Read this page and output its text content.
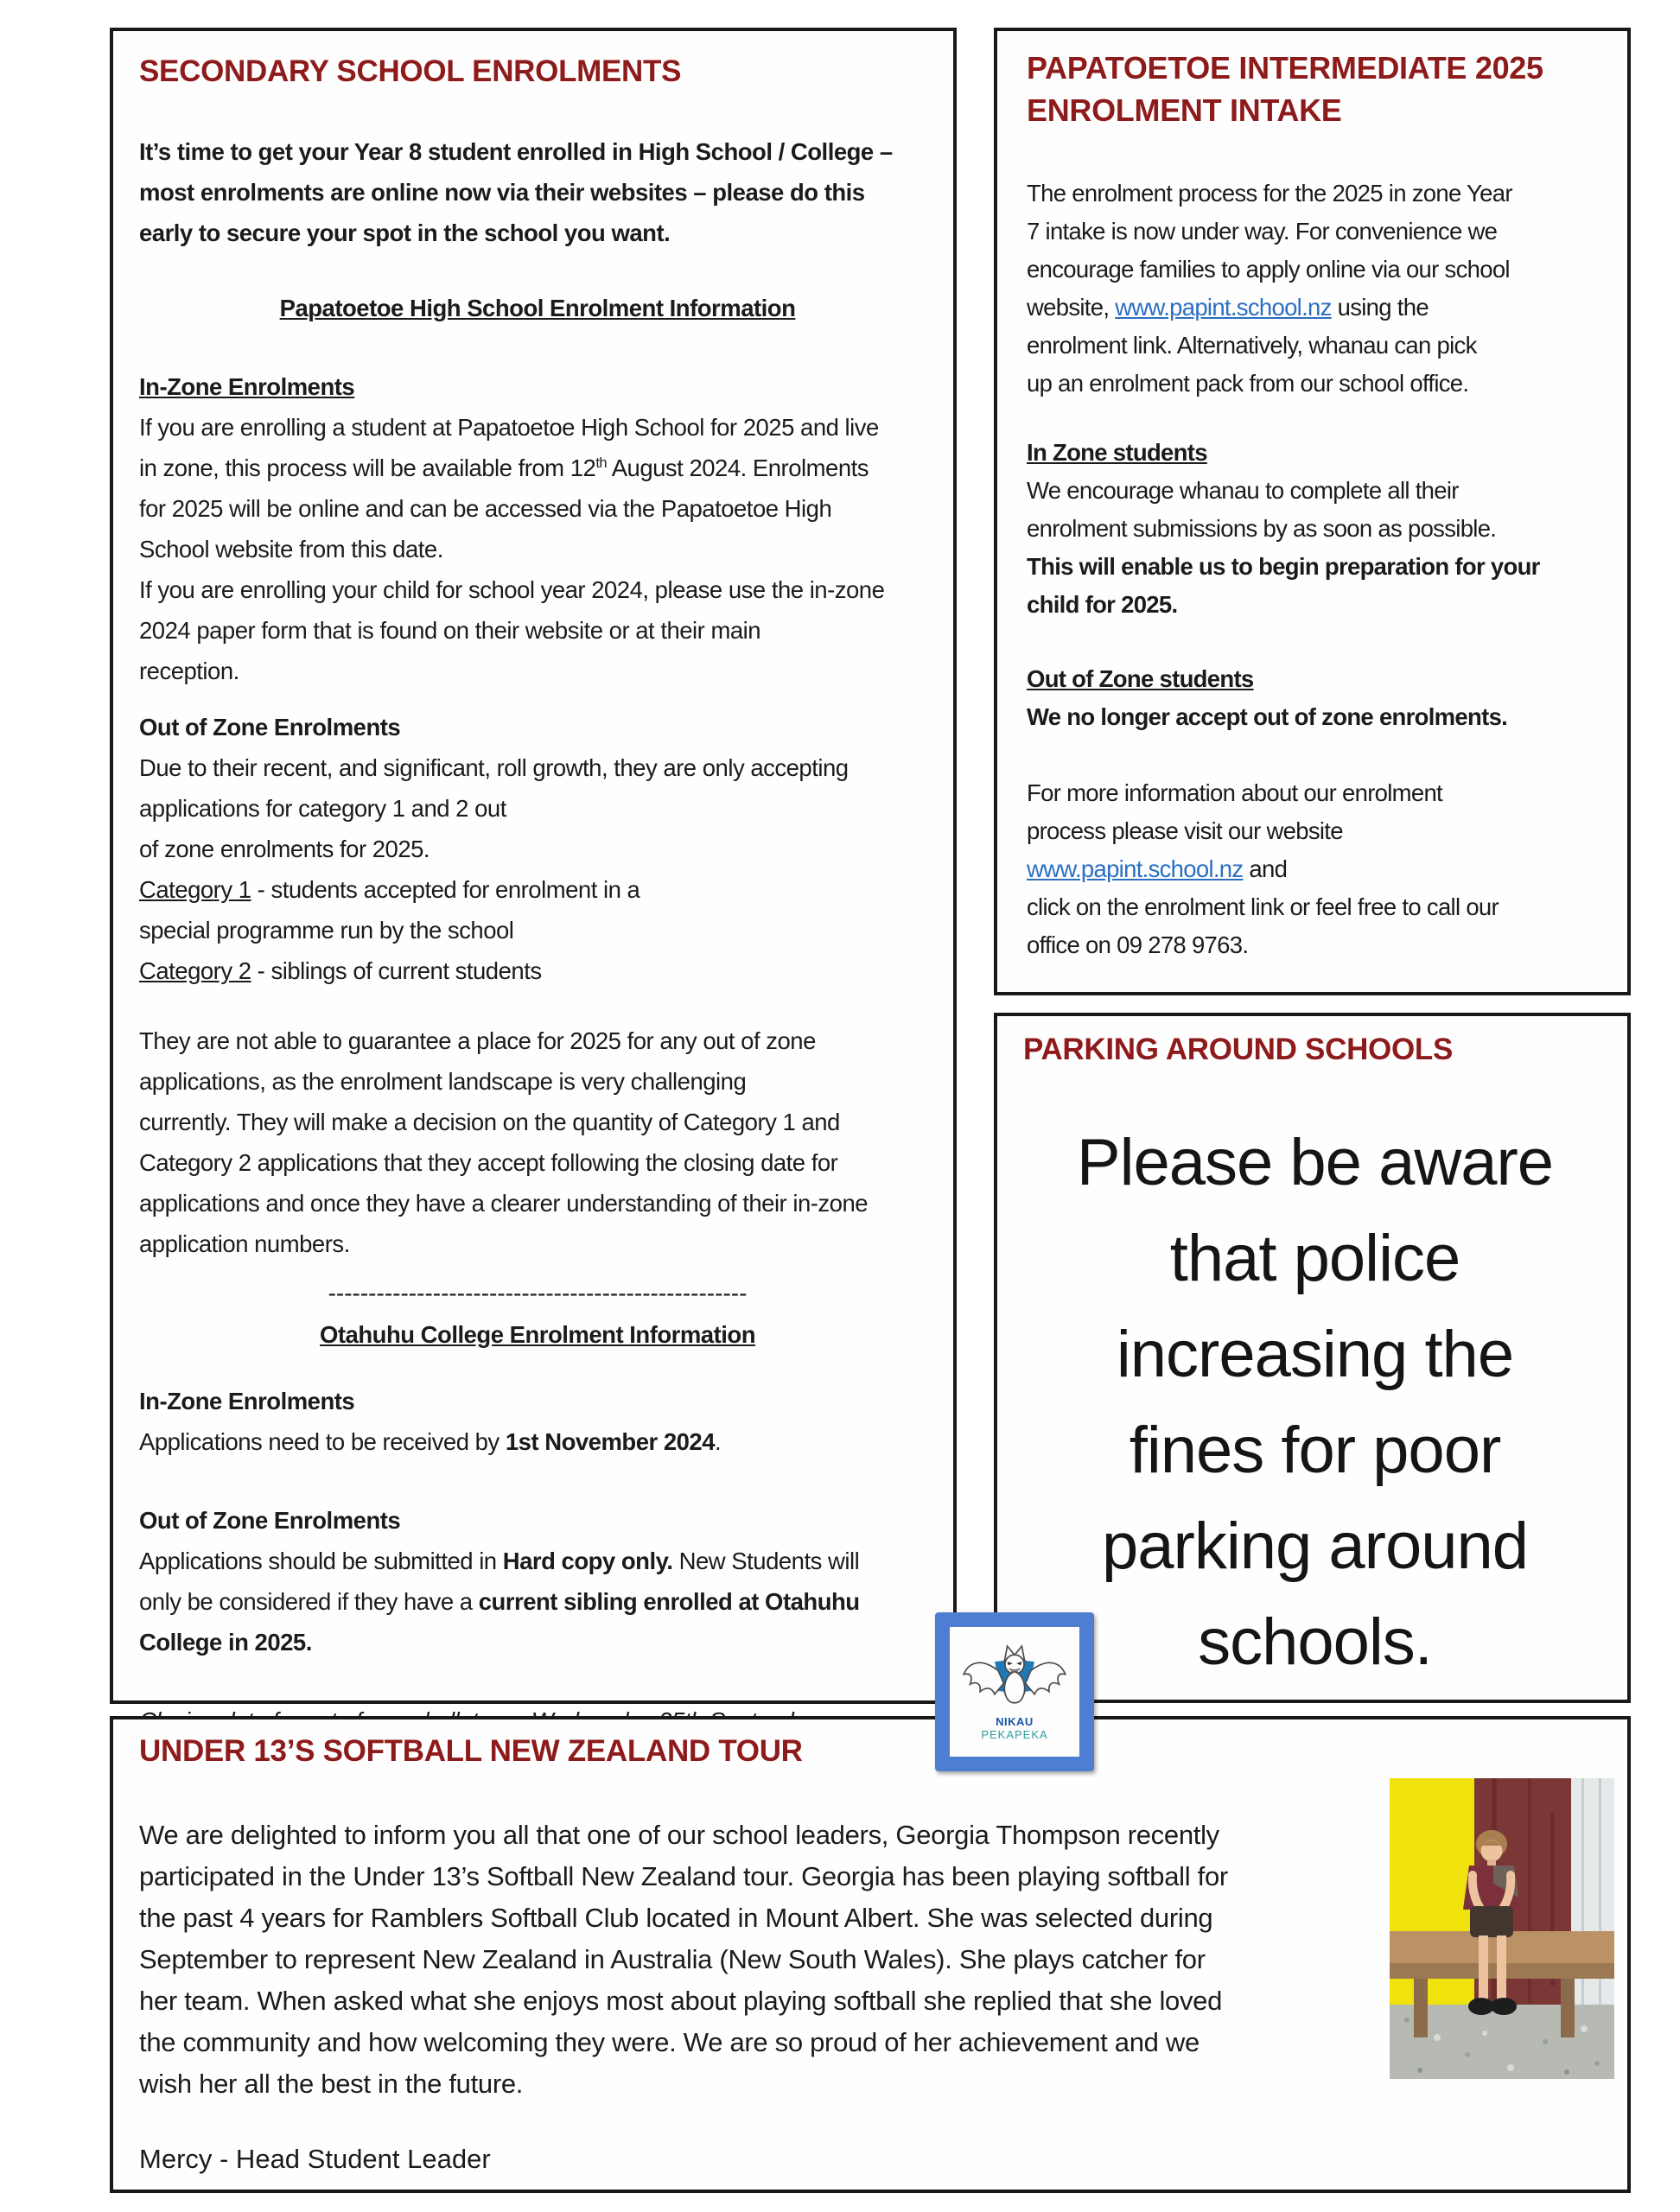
SECONDARY SCHOOL ENROLMENTS
It’s time to get your Year 8 student enrolled in High School / College –
most enrolments are online now via their websites – please do this
early to secure your spot in the school you want.
Papatoetoe High School Enrolment Information
In-Zone Enrolments
If you are enrolling a student at Papatoetoe High School for 2025 and live
in zone, this process will be available from 12th August 2024. Enrolments
for 2025 will be online and can be accessed via the Papatoetoe High
School website from this date.
If you are enrolling your child for school year 2024, please use the in-zone
2024 paper form that is found on their website or at their main
reception.
Out of Zone Enrolments
Due to their recent, and significant, roll growth, they are only accepting
applications for category 1 and 2 out
of zone enrolments for 2025.
Category 1 - students accepted for enrolment in a
special programme run by the school
Category 2 - siblings of current students
They are not able to guarantee a place for 2025 for any out of zone
applications, as the enrolment landscape is very challenging
currently. They will make a decision on the quantity of Category 1 and
Category 2 applications that they accept following the closing date for
applications and once they have a clearer understanding of their in-zone
application numbers.
----------------------------------------------------
Otahuhu College Enrolment Information
In-Zone Enrolments
Applications need to be received by 1st November 2024.
Out of Zone Enrolments
Applications should be submitted in Hard copy only. New Students will
only be considered if they have a current sibling enrolled at Otahuhu
College in 2025.
PAPATOETOE INTERMEDIATE 2025
ENROLMENT INTAKE
The enrolment process for the 2025 in zone Year
7 intake is now under way. For convenience we
encourage families to apply online via our school
website, www.papint.school.nz using the
enrolment link. Alternatively, whanau can pick
up an enrolment pack from our school office.
In Zone students
We encourage whanau to complete all their
enrolment submissions by as soon as possible.
This will enable us to begin preparation for your
child for 2025.
Out of Zone students
We no longer accept out of zone enrolments.
For more information about our enrolment
process please visit our website
www.papint.school.nz and
click on the enrolment link or feel free to call our
office on 09 278 9763.
PARKING AROUND SCHOOLS
Please be aware
that police
increasing the
fines for poor
parking around
schools.
UNDER 13’S SOFTBALL NEW ZEALAND TOUR
We are delighted to inform you all that one of our school leaders, Georgia Thompson recently
participated in the Under 13’s Softball New Zealand tour. Georgia has been playing softball for
the past 4 years for Ramblers Softball Club located in Mount Albert. She was selected during
September to represent New Zealand in Australia (New South Wales). She plays catcher for
her team. When asked what she enjoys most about playing softball she replied that she loved
the community and how welcoming they were. We are so proud of her achievement and we
wish her all the best in the future.
Mercy - Head Student Leader
NIKAU
PEKAPEKA
